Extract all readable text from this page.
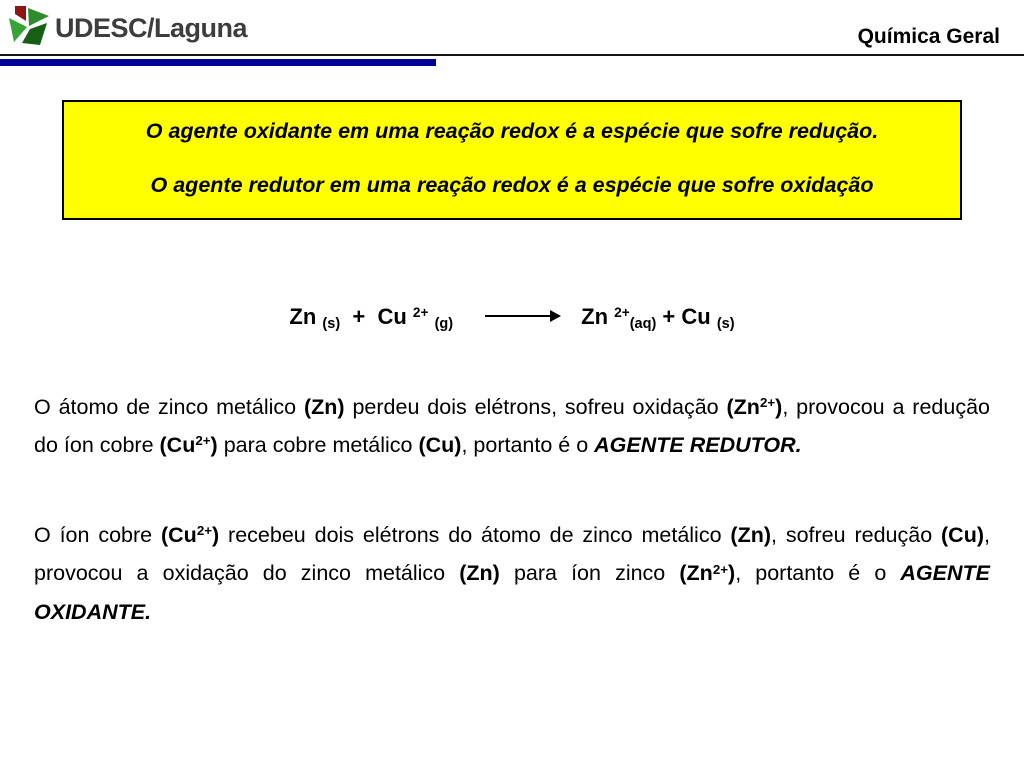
UDESC/Laguna	Química Geral

O agente oxidante em uma reação redox é a espécie que sofre redução.

O agente redutor em uma reação redox é a espécie que sofre oxidação

Zn $_{(s)}$  +  Cu $^{2+}$ $_{(g)}$ → Zn $^{2+}_{(aq)}$ + Cu $_{(s)}$

O átomo de zinco metálico (Zn) perdeu dois elétrons, sofreu oxidação $(Zn^{2+})$, provocou a redução do íon cobre $(Cu^{2+})$ para cobre metálico (Cu), portanto é o AGENTE REDUTOR.

O íon cobre $(Cu^{2+})$ recebeu dois elétrons do átomo de zinco metálico (Zn), sofreu redução (Cu), provocou a oxidação do zinco metálico (Zn) para íon zinco $(Zn^{2+})$, portanto é o AGENTE OXIDANTE.
